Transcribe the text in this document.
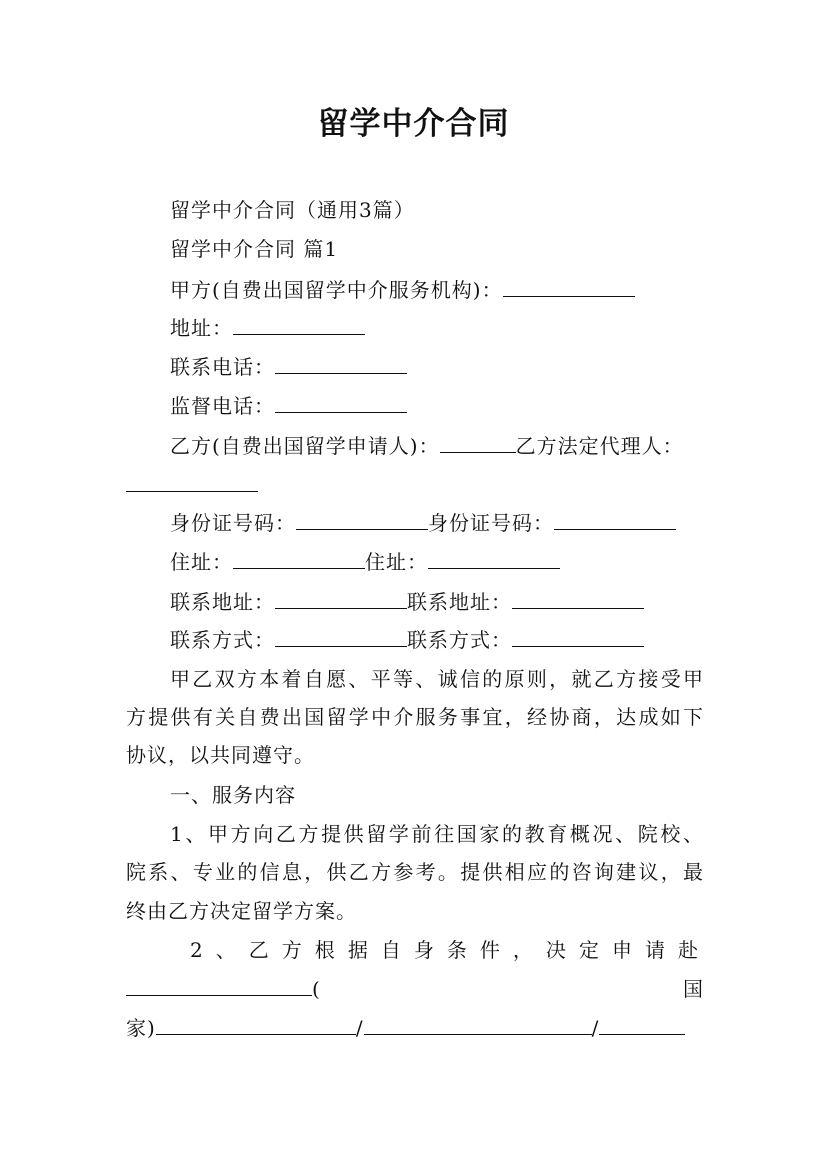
留学中介合同
留学中介合同（通用3篇）
留学中介合同 篇1
甲方(自费出国留学中介服务机构)：
地址：
联系电话：
监督电话：
乙方(自费出国留学申请人)：	乙方法定代理人：
身份证号码：	身份证号码：
住址：	住址：
联系地址：	联系地址：
联系方式：	联系方式：
甲乙双方本着自愿、平等、诚信的原则，就乙方接受甲
方提供有关自费出国留学中介服务事宜，经协商，达成如下
协议，以共同遵守。
一、服务内容
1、甲方向乙方提供留学前往国家的教育概况、院校、
院系、专业的信息，供乙方参考。提供相应的咨询建议，最
终由乙方决定留学方案。
2、乙方根据自身条件，决定申请赴
(	国
家)	/	/
